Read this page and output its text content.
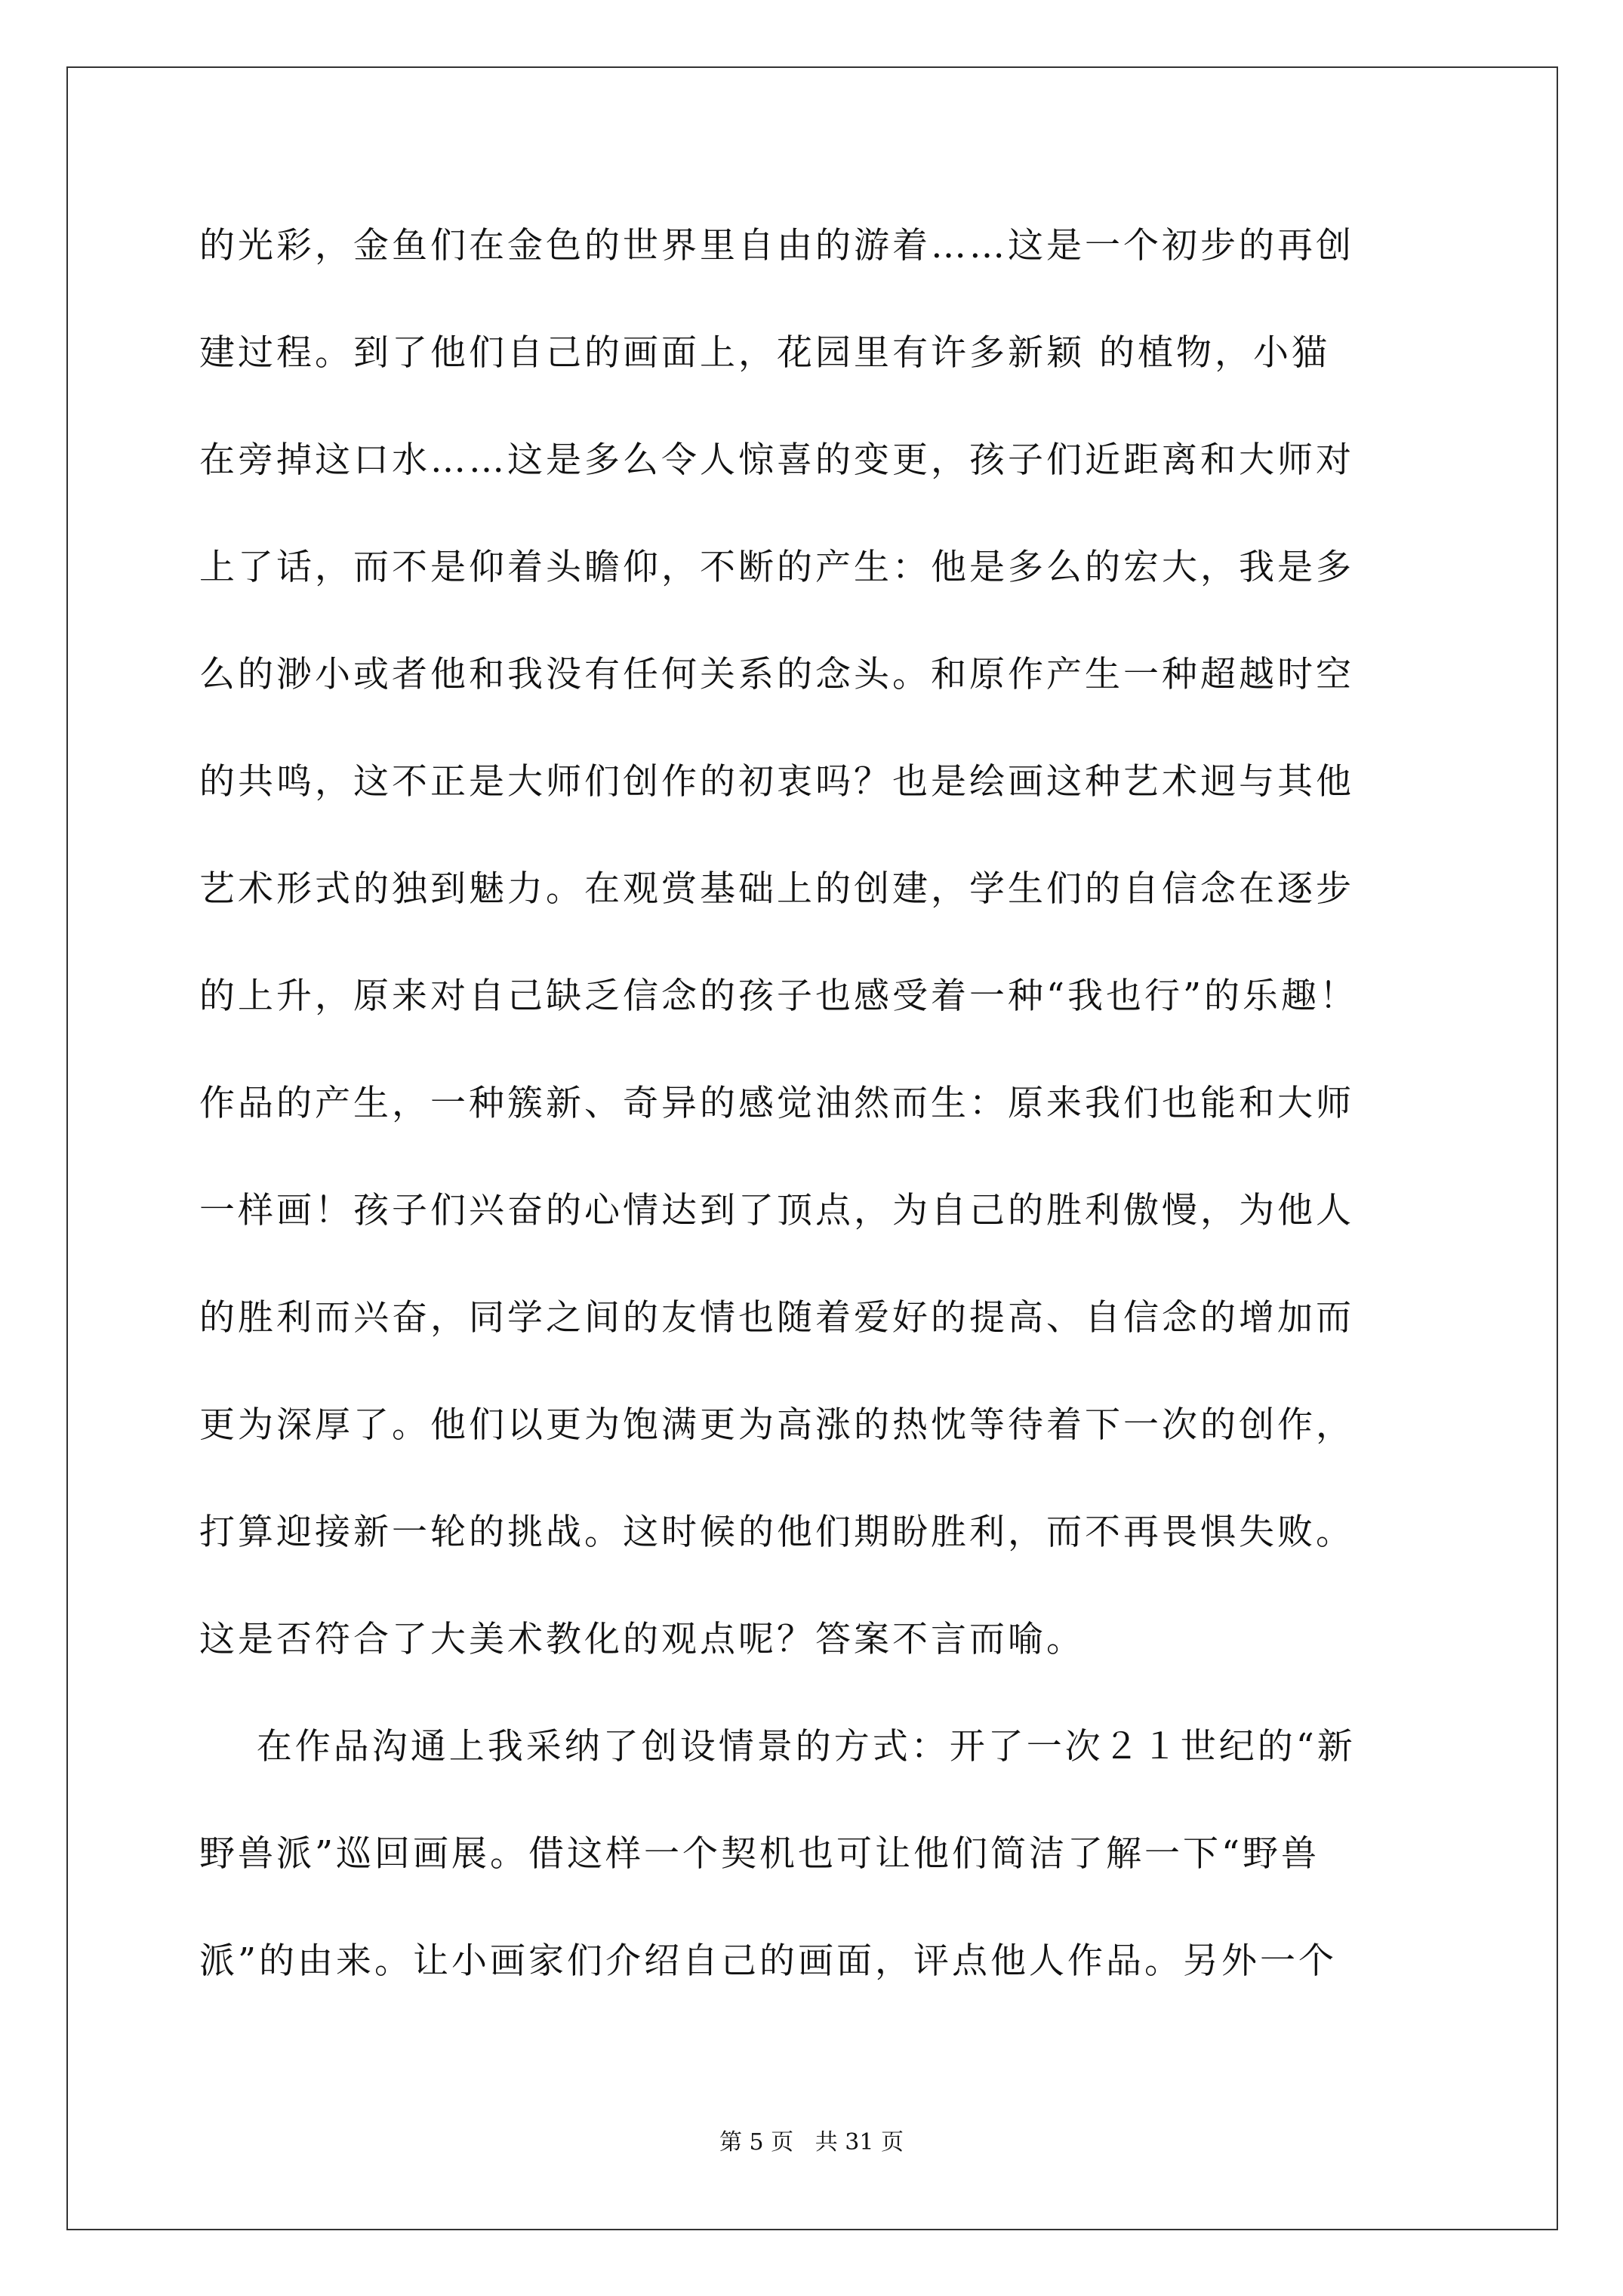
的光彩，金鱼们在金色的世界里自由的游着……这是一个初步的再创
建过程。到了他们自己的画面上，花园里有许多新颖 的植物，小猫
在旁掉这口水……这是多么令人惊喜的变更，孩子们近距离和大师对
上了话，而不是仰着头瞻仰，不断的产生：他是多么的宏大，我是多
么的渺小或者他和我没有任何关系的念头。和原作产生一种超越时空
的共鸣，这不正是大师们创作的初衷吗？也是绘画这种艺术迥与其他
艺术形式的独到魅力。在观赏基础上的创建，学生们的自信念在逐步
的上升，原来对自己缺乏信念的孩子也感受着一种“我也行”的乐趣！
作品的产生，一种簇新、奇异的感觉油然而生：原来我们也能和大师
一样画！孩子们兴奋的心情达到了顶点，为自己的胜利傲慢，为他人
的胜利而兴奋，同学之间的友情也随着爱好的提高、自信念的增加而
更为深厚了。他们以更为饱满更为高涨的热忱等待着下一次的创作，
打算迎接新一轮的挑战。这时候的他们期盼胜利，而不再畏惧失败。
这是否符合了大美术教化的观点呢？答案不言而喻。
在作品沟通上我采纳了创设情景的方式：开了一次２１世纪的“新
野兽派”巡回画展。借这样一个契机也可让他们简洁了解一下“野兽
派”的由来。让小画家们介绍自己的画面，评点他人作品。另外一个
第 5 页   共 31 页
